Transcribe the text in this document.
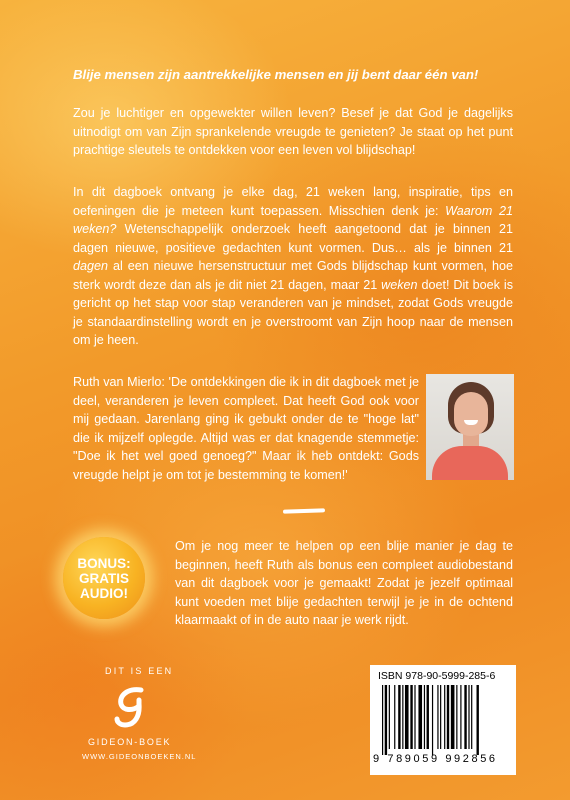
Blije mensen zijn aantrekkelijke mensen en jij bent daar één van!
Zou je luchtiger en opgewekter willen leven? Besef je dat God je dagelijks uitnodigt om van Zijn sprankelende vreugde te genieten? Je staat op het punt prachtige sleutels te ontdekken voor een leven vol blijdschap!
In dit dagboek ontvang je elke dag, 21 weken lang, inspiratie, tips en oefeningen die je meteen kunt toepassen. Misschien denk je: Waarom 21 weken? Wetenschappelijk onderzoek heeft aangetoond dat je binnen 21 dagen nieuwe, positieve gedachten kunt vormen. Dus… als je binnen 21 dagen al een nieuwe hersenstructuur met Gods blijdschap kunt vormen, hoe sterk wordt deze dan als je dit niet 21 dagen, maar 21 weken doet! Dit boek is gericht op het stap voor stap veranderen van je mindset, zodat Gods vreugde je standaardinstelling wordt en je overstroomt van Zijn hoop naar de mensen om je heen.
Ruth van Mierlo: 'De ontdekkingen die ik in dit dagboek met je deel, veranderen je leven compleet. Dat heeft God ook voor mij gedaan. Jarenlang ging ik gebukt onder de te "hoge lat" die ik mijzelf oplegde. Altijd was er dat knagende stemmetje: "Doe ik het wel goed genoeg?" Maar ik heb ontdekt: Gods vreugde helpt je om tot je bestemming te komen!'
BONUS:
GRATIS
AUDIO!
Om je nog meer te helpen op een blije manier je dag te beginnen, heeft Ruth als bonus een compleet audiobestand van dit dagboek voor je gemaakt! Zodat je jezelf optimaal kunt voeden met blije gedachten terwijl je je in de ochtend klaarmaakt of in de auto naar je werk rijdt.
DIT IS EEN
GIDEON-BOEK
WWW.GIDEONBOEKEN.NL
ISBN 978-90-5999-285-6
9 789059 992856
